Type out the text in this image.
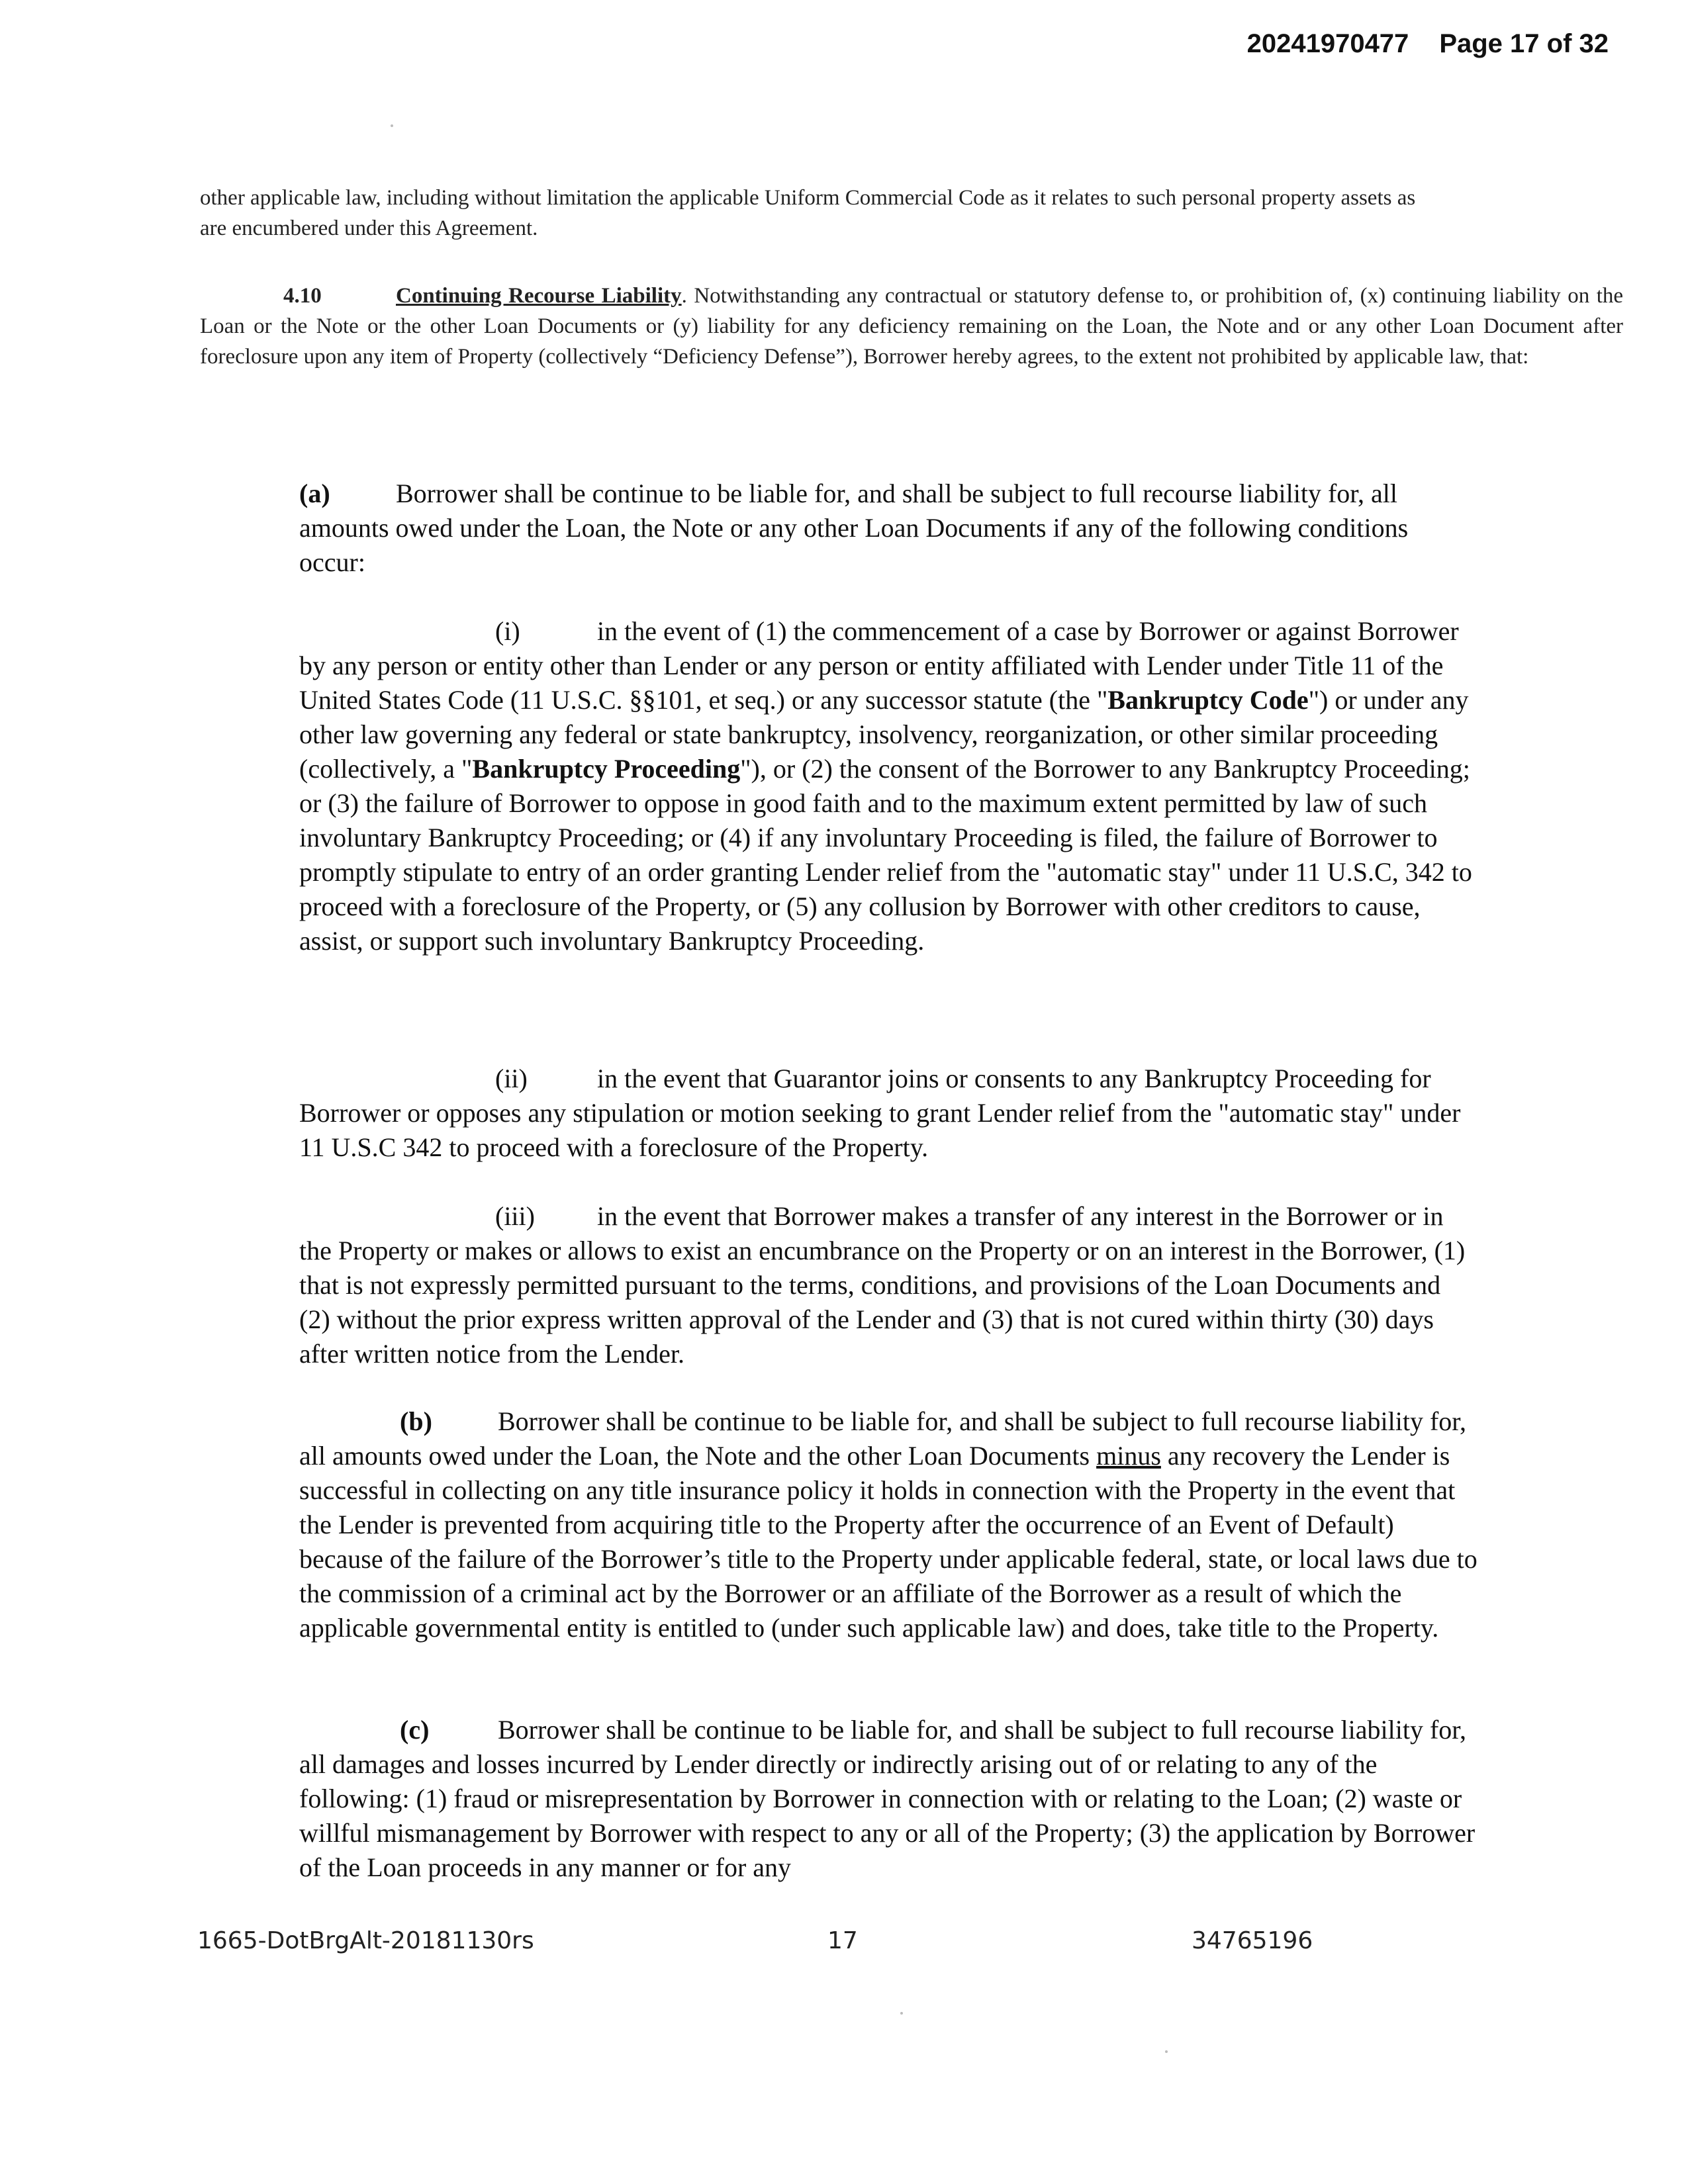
20241970477 Page 17 of 32

other applicable law, including without limitation the applicable Uniform Commercial Code as it relates to such personal property assets as are encumbered under this Agreement.

4.10	Continuing Recourse Liability. Notwithstanding any contractual or statutory defense to, or prohibition of, (x) continuing liability on the Loan or the Note or the other Loan Documents or (y) liability for any deficiency remaining on the Loan, the Note and or any other Loan Document after foreclosure upon any item of Property (collectively “Deficiency Defense”), Borrower hereby agrees, to the extent not prohibited by applicable law, that:

(a) Borrower shall be continue to be liable for, and shall be subject to full recourse liability for, all amounts owed under the Loan, the Note or any other Loan Documents if any of the following conditions occur:

(i)	in the event of (1) the commencement of a case by Borrower or against Borrower by any person or entity other than Lender or any person or entity affiliated with Lender under Title 11 of the United States Code (11 U.S.C. §§101, et seq.) or any successor statute (the "Bankruptcy Code") or under any other law governing any federal or state bankruptcy, insolvency, reorganization, or other similar proceeding (collectively, a "Bankruptcy Proceeding"), or (2) the consent of the Borrower to any Bankruptcy Proceeding; or (3) the failure of Borrower to oppose in good faith and to the maximum extent permitted by law of such involuntary Bankruptcy Proceeding; or (4) if any involuntary Proceeding is filed, the failure of Borrower to promptly stipulate to entry of an order granting Lender relief from the "automatic stay" under 11 U.S.C, 342 to proceed with a foreclosure of the Property, or (5) any collusion by Borrower with other creditors to cause, assist, or support such involuntary Bankruptcy Proceeding.

(ii)	in the event that Guarantor joins or consents to any Bankruptcy Proceeding for Borrower or opposes any stipulation or motion seeking to grant Lender relief from the "automatic stay" under 11 U.S.C 342 to proceed with a foreclosure of the Property.

(iii) in the event that Borrower makes a transfer of any interest in the Borrower or in the Property or makes or allows to exist an encumbrance on the Property or on an interest in the Borrower, (1) that is not expressly permitted pursuant to the terms, conditions, and provisions of the Loan Documents and (2) without the prior express written approval of the Lender and (3) that is not cured within thirty (30) days after written notice from the Lender.

(b) Borrower shall be continue to be liable for, and shall be subject to full recourse liability for, all amounts owed under the Loan, the Note and the other Loan Documents minus any recovery the Lender is successful in collecting on any title insurance policy it holds in connection with the Property in the event that the Lender is prevented from acquiring title to the Property after the occurrence of an Event of Default) because of the failure of the Borrower’s title to the Property under applicable federal, state, or local laws due to the commission of a criminal act by the Borrower or an affiliate of the Borrower as a result of which the applicable governmental entity is entitled to (under such applicable law) and does, take title to the Property.

(c)	Borrower shall be continue to be liable for, and shall be subject to full recourse liability for, all damages and losses incurred by Lender directly or indirectly arising out of or relating to any of the following: (1) fraud or misrepresentation by Borrower in connection with or relating to the Loan; (2) waste or willful mismanagement by Borrower with respect to any or all of the Property; (3) the application by Borrower of the Loan proceeds in any manner or for any

1665-DotBrgAlt-20181130rs	17	34765196
